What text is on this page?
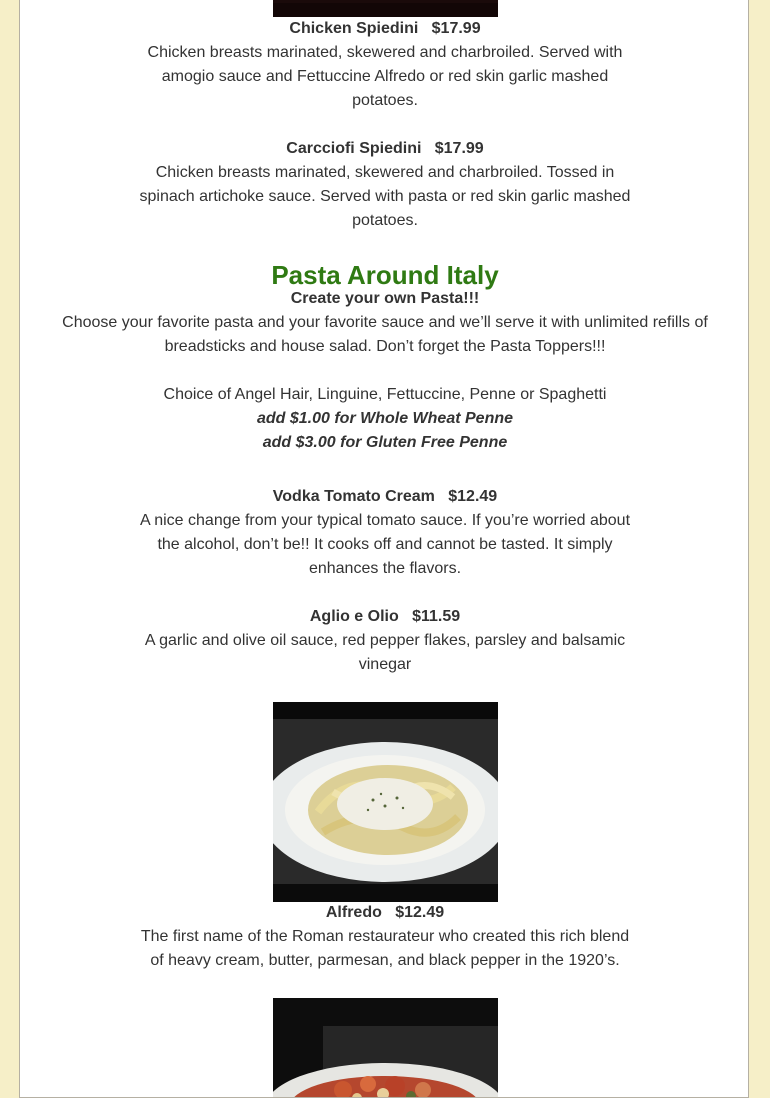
Chicken Spiedini   $17.99
Chicken breasts marinated, skewered and charbroiled. Served with amogio sauce and Fettuccine Alfredo or red skin garlic mashed potatoes.
Carcciofi Spiedini   $17.99
Chicken breasts marinated, skewered and charbroiled. Tossed in spinach artichoke sauce. Served with pasta or red skin garlic mashed potatoes.
Pasta Around Italy
Create your own Pasta!!!
Choose your favorite pasta and your favorite sauce and we’ll serve it with unlimited refills of breadsticks and house salad. Don’t forget the Pasta Toppers!!!
Choice of Angel Hair, Linguine, Fettuccine, Penne or Spaghetti
add $1.00 for Whole Wheat Penne
add $3.00 for Gluten Free Penne
Vodka Tomato Cream   $12.49
A nice change from your typical tomato sauce. If you’re worried about the alcohol, don’t be!! It cooks off and cannot be tasted. It simply enhances the flavors.
Aglio e Olio   $11.59
A garlic and olive oil sauce, red pepper flakes, parsley and balsamic vinegar
Alfredo   $12.49
The first name of the Roman restaurateur who created this rich blend of heavy cream, butter, parmesan, and black pepper in the 1920’s.
